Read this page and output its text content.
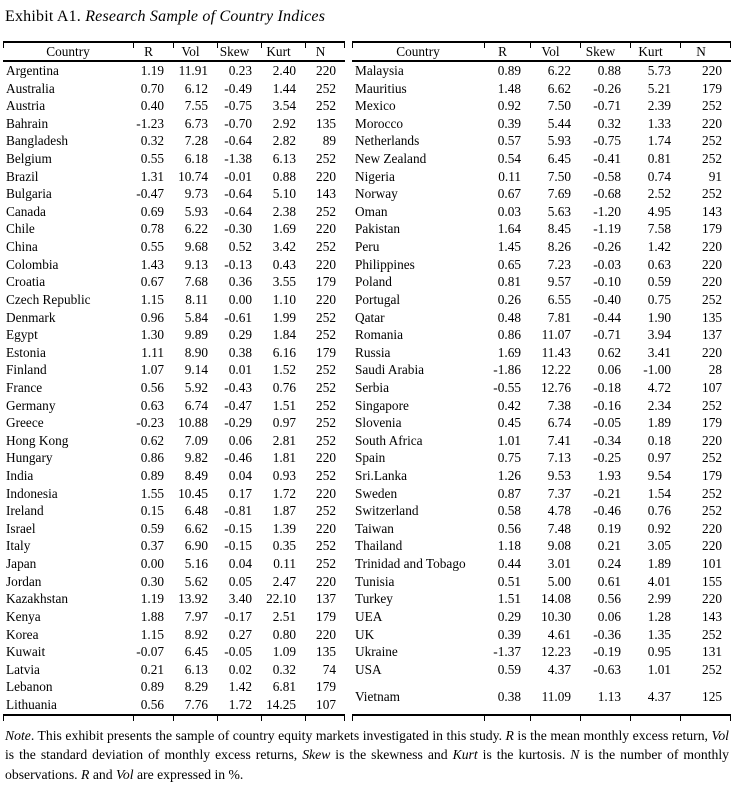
Exhibit A1. Research Sample of Country Indices
Country	R	Vol	Skew	Kurt	N
Argentina	1.19	11.91	0.23	2.40	220
Australia	0.70	6.12	-0.49	1.44	252
Austria	0.40	7.55	-0.75	3.54	252
Bahrain	-1.23	6.73	-0.70	2.92	135
Bangladesh	0.32	7.28	-0.64	2.82	89
Belgium	0.55	6.18	-1.38	6.13	252
Brazil	1.31	10.74	-0.01	0.88	220
Bulgaria	-0.47	9.73	-0.64	5.10	143
Canada	0.69	5.93	-0.64	2.38	252
Chile	0.78	6.22	-0.30	1.69	220
China	0.55	9.68	0.52	3.42	252
Colombia	1.43	9.13	-0.13	0.43	220
Croatia	0.67	7.68	0.36	3.55	179
Czech Republic	1.15	8.11	0.00	1.10	220
Denmark	0.96	5.84	-0.61	1.99	252
Egypt	1.30	9.89	0.29	1.84	252
Estonia	1.11	8.90	0.38	6.16	179
Finland	1.07	9.14	0.01	1.52	252
France	0.56	5.92	-0.43	0.76	252
Germany	0.63	6.74	-0.47	1.51	252
Greece	-0.23	10.88	-0.29	0.97	252
Hong Kong	0.62	7.09	0.06	2.81	252
Hungary	0.86	9.82	-0.46	1.81	220
India	0.89	8.49	0.04	0.93	252
Indonesia	1.55	10.45	0.17	1.72	220
Ireland	0.15	6.48	-0.81	1.87	252
Israel	0.59	6.62	-0.15	1.39	220
Italy	0.37	6.90	-0.15	0.35	252
Japan	0.00	5.16	0.04	0.11	252
Jordan	0.30	5.62	0.05	2.47	220
Kazakhstan	1.19	13.92	3.40	22.10	137
Kenya	1.88	7.97	-0.17	2.51	179
Korea	1.15	8.92	0.27	0.80	220
Kuwait	-0.07	6.45	-0.05	1.09	135
Latvia	0.21	6.13	0.02	0.32	74
Lebanon	0.89	8.29	1.42	6.81	179
Lithuania	0.56	7.76	1.72	14.25	107
Country	R	Vol	Skew	Kurt	N
Malaysia	0.89	6.22	0.88	5.73	220
Mauritius	1.48	6.62	-0.26	5.21	179
Mexico	0.92	7.50	-0.71	2.39	252
Morocco	0.39	5.44	0.32	1.33	220
Netherlands	0.57	5.93	-0.75	1.74	252
New Zealand	0.54	6.45	-0.41	0.81	252
Nigeria	0.11	7.50	-0.58	0.74	91
Norway	0.67	7.69	-0.68	2.52	252
Oman	0.03	5.63	-1.20	4.95	143
Pakistan	1.64	8.45	-1.19	7.58	179
Peru	1.45	8.26	-0.26	1.42	220
Philippines	0.65	7.23	-0.03	0.63	220
Poland	0.81	9.57	-0.10	0.59	220
Portugal	0.26	6.55	-0.40	0.75	252
Qatar	0.48	7.81	-0.44	1.90	135
Romania	0.86	11.07	-0.71	3.94	137
Russia	1.69	11.43	0.62	3.41	220
Saudi Arabia	-1.86	12.22	0.06	-1.00	28
Serbia	-0.55	12.76	-0.18	4.72	107
Singapore	0.42	7.38	-0.16	2.34	252
Slovenia	0.45	6.74	-0.05	1.89	179
South Africa	1.01	7.41	-0.34	0.18	220
Spain	0.75	7.13	-0.25	0.97	252
Sri.Lanka	1.26	9.53	1.93	9.54	179
Sweden	0.87	7.37	-0.21	1.54	252
Switzerland	0.58	4.78	-0.46	0.76	252
Taiwan	0.56	7.48	0.19	0.92	220
Thailand	1.18	9.08	0.21	3.05	220
Trinidad and Tobago	0.44	3.01	0.24	1.89	101
Tunisia	0.51	5.00	0.61	4.01	155
Turkey	1.51	14.08	0.56	2.99	220
UEA	0.29	10.30	0.06	1.28	143
UK	0.39	4.61	-0.36	1.35	252
Ukraine	-1.37	12.23	-0.19	0.95	131
USA	0.59	4.37	-0.63	1.01	252
Vietnam	0.38	11.09	1.13	4.37	125
Note. This exhibit presents the sample of country equity markets investigated in this study. R is the mean monthly excess return, Vol is the standard deviation of monthly excess returns, Skew is the skewness and Kurt is the kurtosis. N is the number of monthly observations. R and Vol are expressed in %.
